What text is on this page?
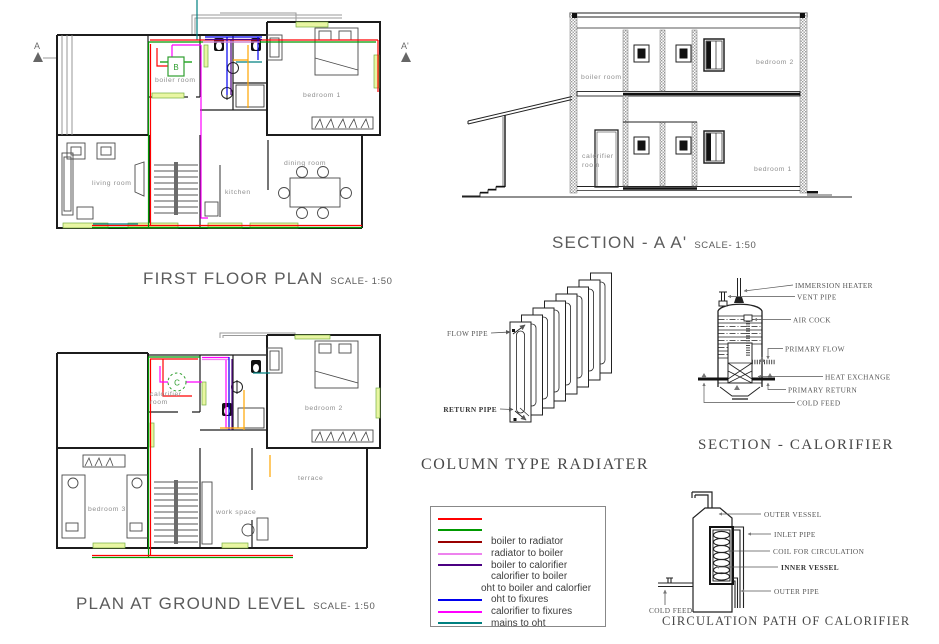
A	A'
B
boiler room
bedroom 1
living room
kitchen
dining room
FIRST FLOOR PLAN SCALE- 1:50
boiler room
bedroom 2
calorifier
room
bedroom 1
SECTION - A A' SCALE- 1:50
FLOW PIPE
RETURN PIPE
COLUMN TYPE RADIATER
IMMERSION HEATER
VENT PIPE
AIR COCK
PRIMARY FLOW
HEAT EXCHANGE
PRIMARY RETURN
COLD FEED
SECTION - CALORIFIER
C
calorifier
room
bedroom 2
bedroom 3	work space
terrace
PLAN AT GROUND LEVEL SCALE- 1:50
boiler to radiator
radiator to boiler
boiler to calorifier
calorifier to boiler
oht to boiler and calorfier
oht to fixures
calorifier to fixures
mains to oht
OUTER VESSEL
INLET PIPE
COIL FOR CIRCULATION
INNER VESSEL
OUTER PIPE
COLD FEED
CIRCULATION PATH OF CALORIFIER
